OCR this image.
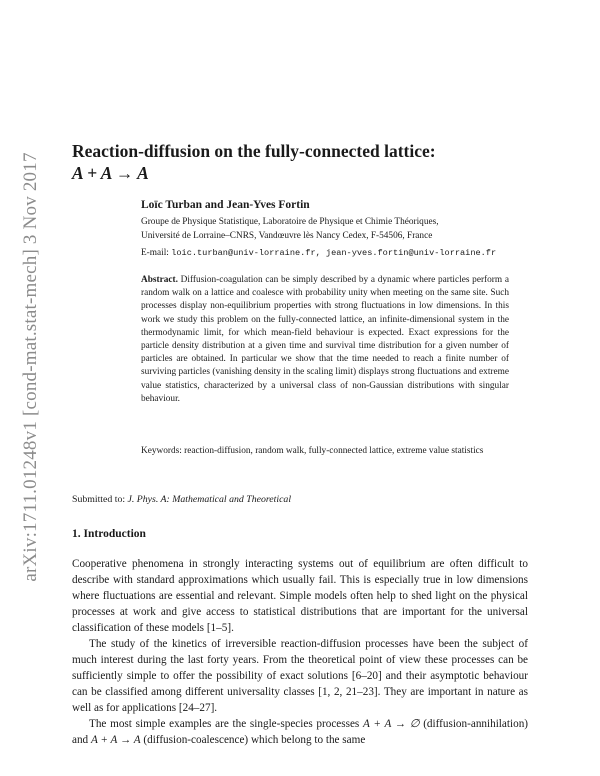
arXiv:1711.01248v1 [cond-mat.stat-mech] 3 Nov 2017
Reaction-diffusion on the fully-connected lattice:
A + A → A
Loïc Turban and Jean-Yves Fortin
Groupe de Physique Statistique, Laboratoire de Physique et Chimie Théoriques,
Université de Lorraine–CNRS, Vandœuvre lès Nancy Cedex, F-54506, France
E-mail: loic.turban@univ-lorraine.fr, jean-yves.fortin@univ-lorraine.fr
Abstract. Diffusion-coagulation can be simply described by a dynamic where particles perform a random walk on a lattice and coalesce with probability unity when meeting on the same site. Such processes display non-equilibrium properties with strong fluctuations in low dimensions. In this work we study this problem on the fully-connected lattice, an infinite-dimensional system in the thermodynamic limit, for which mean-field behaviour is expected. Exact expressions for the particle density distribution at a given time and survival time distribution for a given number of particles are obtained. In particular we show that the time needed to reach a finite number of surviving particles (vanishing density in the scaling limit) displays strong fluctuations and extreme value statistics, characterized by a universal class of non-Gaussian distributions with singular behaviour.
Keywords: reaction-diffusion, random walk, fully-connected lattice, extreme value statistics
Submitted to: J. Phys. A: Mathematical and Theoretical
1. Introduction

Cooperative phenomena in strongly interacting systems out of equilibrium are often difficult to describe with standard approximations which usually fail. This is especially true in low dimensions where fluctuations are essential and relevant. Simple models often help to shed light on the physical processes at work and give access to statistical distributions that are important for the universal classification of these models [1–5].

The study of the kinetics of irreversible reaction-diffusion processes have been the subject of much interest during the last forty years. From the theoretical point of view these processes can be sufficiently simple to offer the possibility of exact solutions [6–20] and their asymptotic behaviour can be classified among different universality classes [1, 2, 21–23]. They are important in nature as well as for applications [24–27].

The most simple examples are the single-species processes A + A → ∅ (diffusion-annihilation) and A + A → A (diffusion-coalescence) which belong to the same
